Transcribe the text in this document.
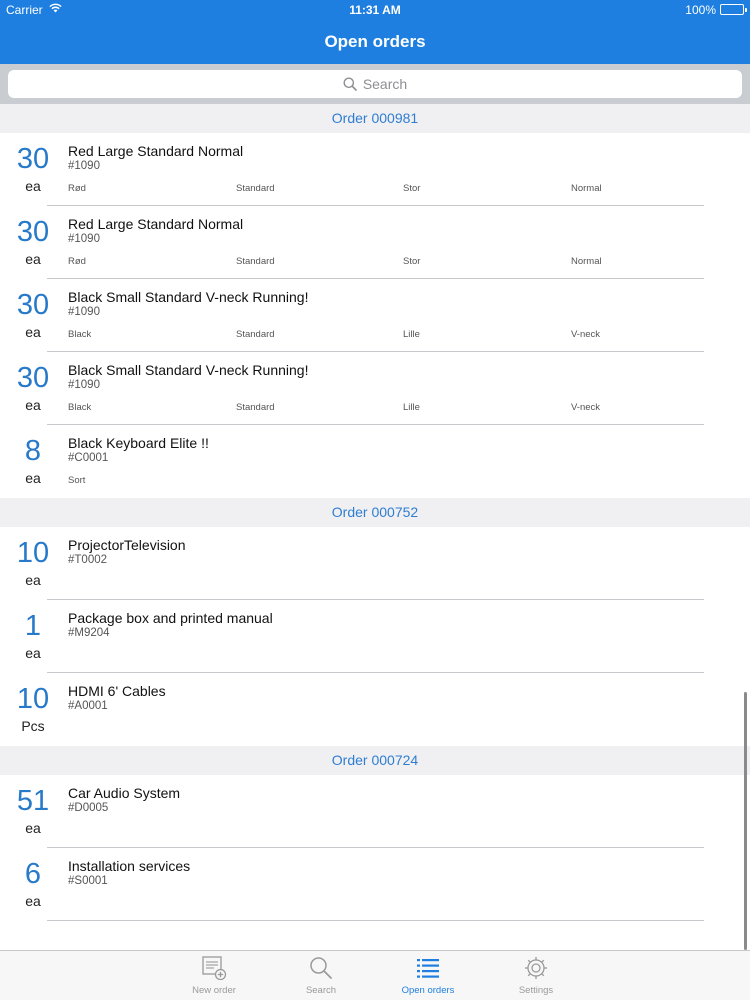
Carrier	11:31 AM	100%
Open orders
Search
Order 000981
30
ea
Red Large Standard Normal
#1090
Rød	Standard	Stor	Normal
30
ea
Red Large Standard Normal
#1090
Rød	Standard	Stor	Normal
30
ea
Black Small Standard V-neck Running!
#1090
Black	Standard	Lille	V-neck
30
ea
Black Small Standard V-neck Running!
#1090
Black	Standard	Lille	V-neck
8
ea
Black Keyboard Elite !!
#C0001
Sort
Order 000752
10
ea
ProjectorTelevision
#T0002
1
ea
Package box and printed manual
#M9204
10
Pcs
HDMI 6' Cables
#A0001
Order 000724
51
ea
Car Audio System
#D0005
6
ea
Installation services
#S0001
New order	Search	Open orders	Settings
